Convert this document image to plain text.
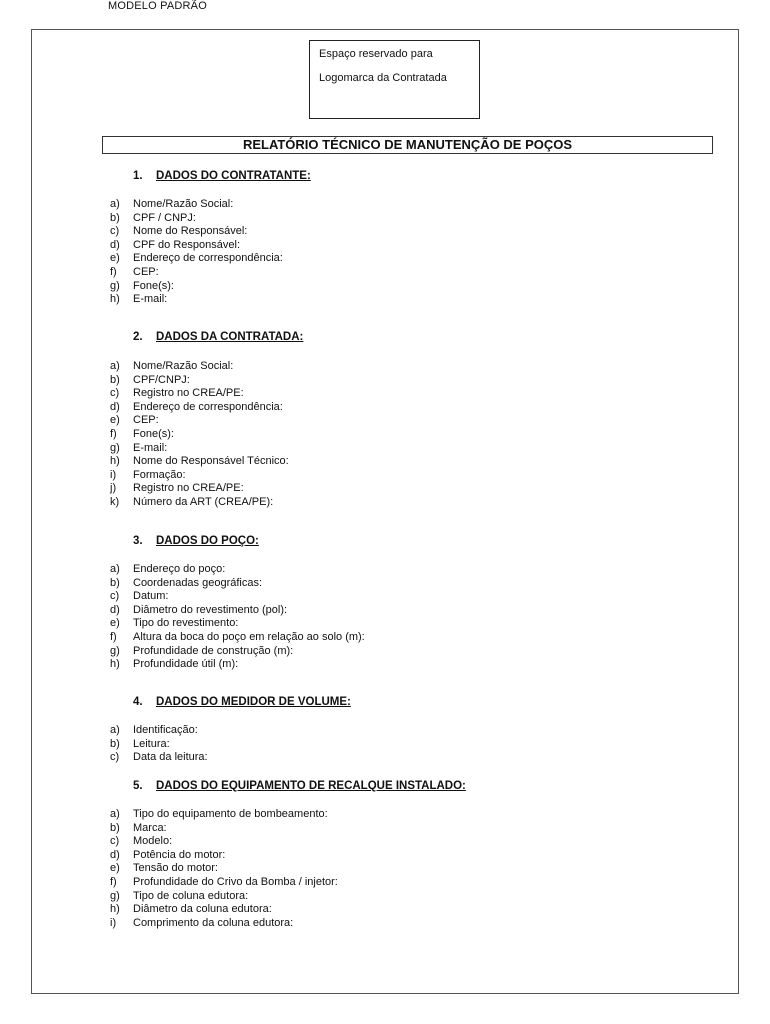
MODELO PADRÃO
Espaço reservado para
Logomarca da Contratada
RELATÓRIO TÉCNICO DE MANUTENÇÃO DE POÇOS
1. DADOS DO CONTRATANTE:
a) Nome/Razão Social:
b) CPF / CNPJ:
c) Nome do Responsável:
d) CPF do Responsável:
e) Endereço de correspondência:
f) CEP:
g) Fone(s):
h) E-mail:
2. DADOS DA CONTRATADA:
a) Nome/Razão Social:
b) CPF/CNPJ:
c) Registro no CREA/PE:
d) Endereço de correspondência:
e) CEP:
f) Fone(s):
g) E-mail:
h) Nome do Responsável Técnico:
i) Formação:
j) Registro no CREA/PE:
k) Número da ART (CREA/PE):
3. DADOS DO POÇO:
a) Endereço do poço:
b) Coordenadas geográficas:
c) Datum:
d) Diâmetro do revestimento (pol):
e) Tipo do revestimento:
f) Altura da boca do poço em relação ao solo (m):
g) Profundidade de construção (m):
h) Profundidade útil (m):
4. DADOS DO MEDIDOR DE VOLUME:
a) Identificação:
b) Leitura:
c) Data da leitura:
5. DADOS DO EQUIPAMENTO DE RECALQUE INSTALADO:
a) Tipo do equipamento de bombeamento:
b) Marca:
c) Modelo:
d) Potência do motor:
e) Tensão do motor:
f) Profundidade do Crivo da Bomba / injetor:
g) Tipo de coluna edutora:
h) Diâmetro da coluna edutora:
i) Comprimento da coluna edutora:
